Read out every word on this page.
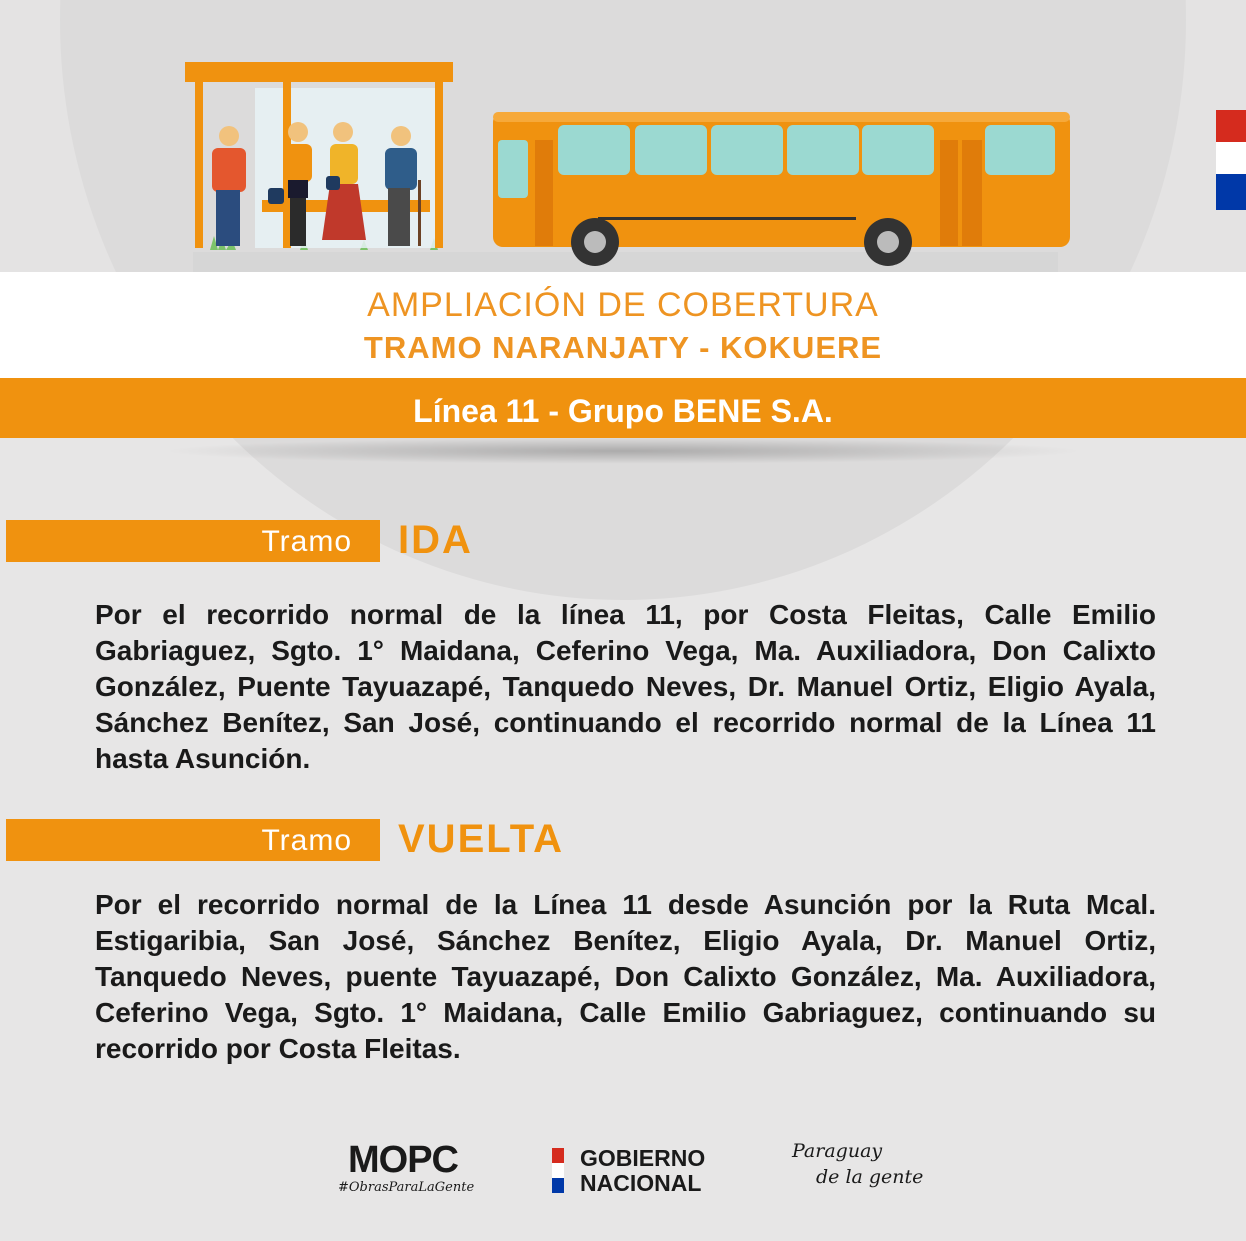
AMPLIACIÓN DE COBERTURA
TRAMO NARANJATY - KOKUERE
Línea 11 - Grupo BENE S.A.
Tramo	IDA
Por el recorrido normal de la línea 11, por Costa Fleitas, Calle Emilio Gabriaguez, Sgto. 1° Maidana, Ceferino Vega, Ma. Auxiliadora, Don Calixto González, Puente Tayuazapé, Tanquedo Neves, Dr. Manuel Ortiz, Eligio Ayala, Sánchez Benítez, San José, continuando el recorrido normal de la Línea 11 hasta Asunción.
Tramo	VUELTA
Por el recorrido normal de la Línea 11 desde Asunción por la Ruta Mcal. Estigaribia, San José, Sánchez Benítez, Eligio Ayala, Dr. Manuel Ortiz, Tanquedo Neves, puente Tayuazapé, Don Calixto González, Ma. Auxiliadora, Ceferino Vega, Sgto. 1° Maidana, Calle Emilio Gabriaguez, continuando su recorrido por Costa Fleitas.
MOPC
#ObrasParaLaGente
GOBIERNO
NACIONAL
Paraguay
de la gente
